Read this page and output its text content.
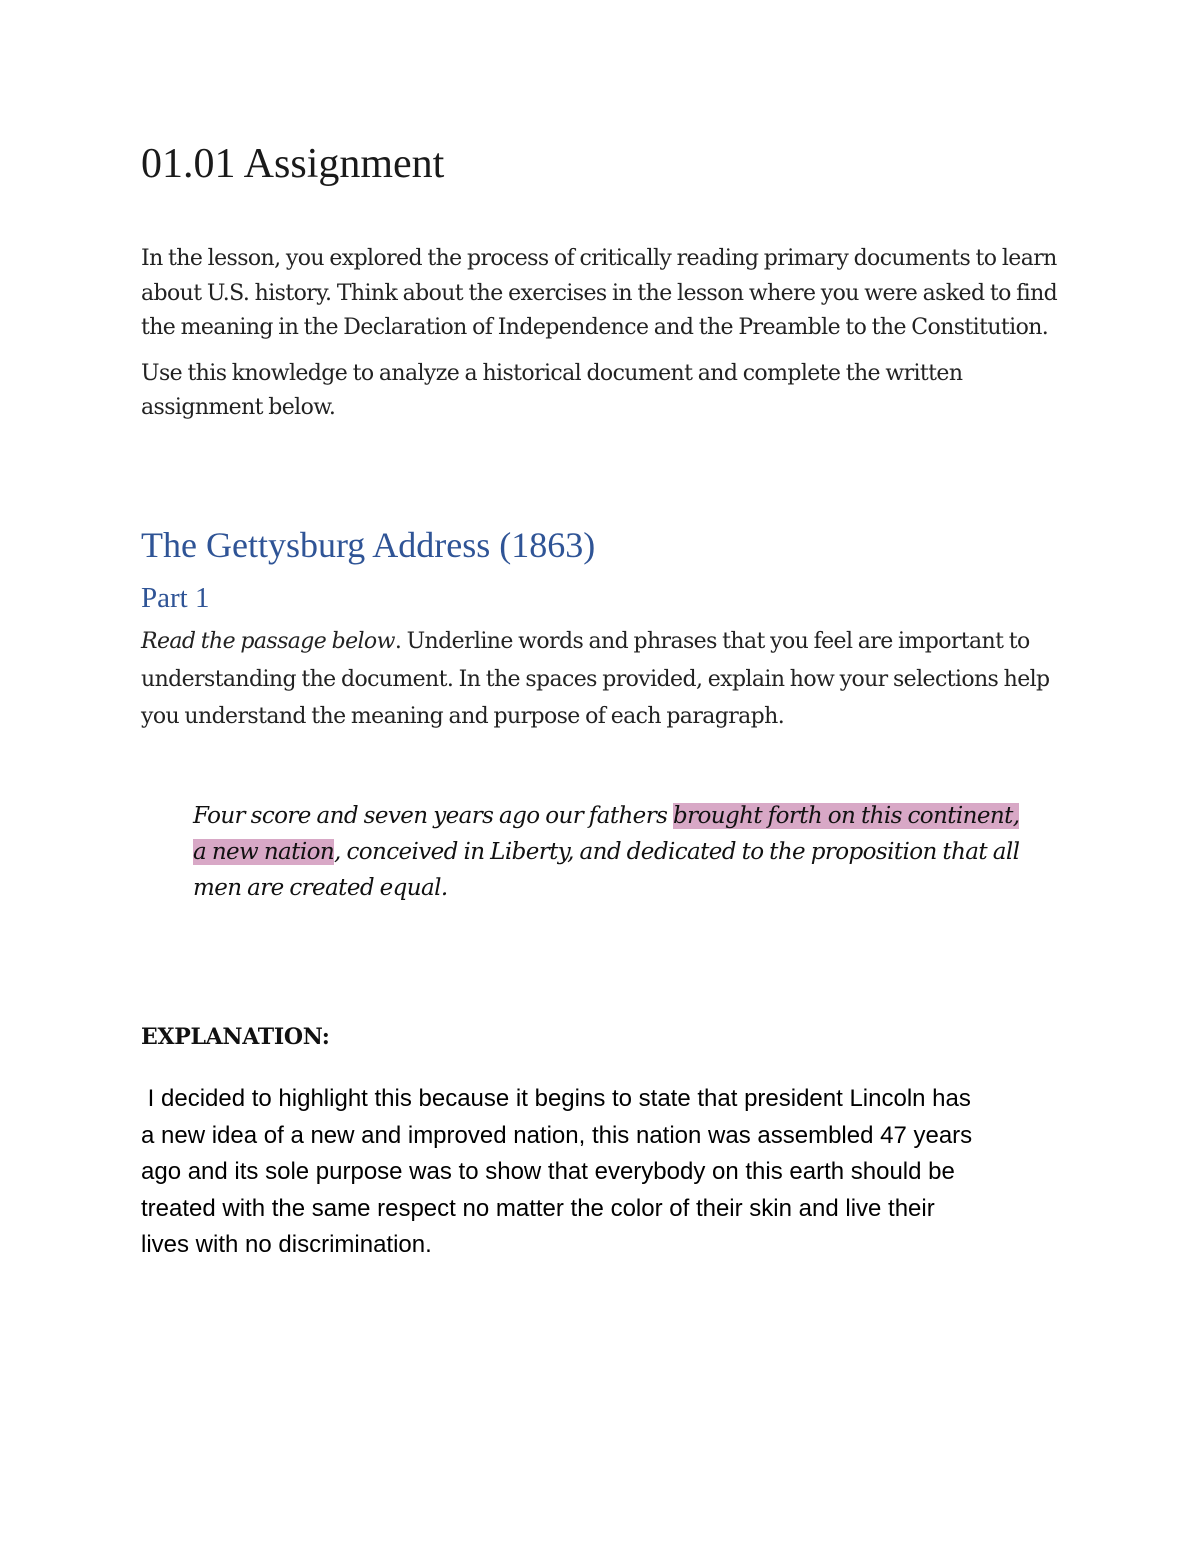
01.01 Assignment

In the lesson, you explored the process of critically reading primary documents to learn about U.S. history. Think about the exercises in the lesson where you were asked to find the meaning in the Declaration of Independence and the Preamble to the Constitution.

Use this knowledge to analyze a historical document and complete the written assignment below.

The Gettysburg Address (1863)
Part 1

Read the passage below. Underline words and phrases that you feel are important to understanding the document. In the spaces provided, explain how your selections help you understand the meaning and purpose of each paragraph.

Four score and seven years ago our fathers brought forth on this continent, a new nation, conceived in Liberty, and dedicated to the proposition that all men are created equal.

EXPLANATION:

I decided to highlight this because it begins to state that president Lincoln has a new idea of a new and improved nation, this nation was assembled 47 years ago and its sole purpose was to show that everybody on this earth should be treated with the same respect no matter the color of their skin and live their lives with no discrimination.
